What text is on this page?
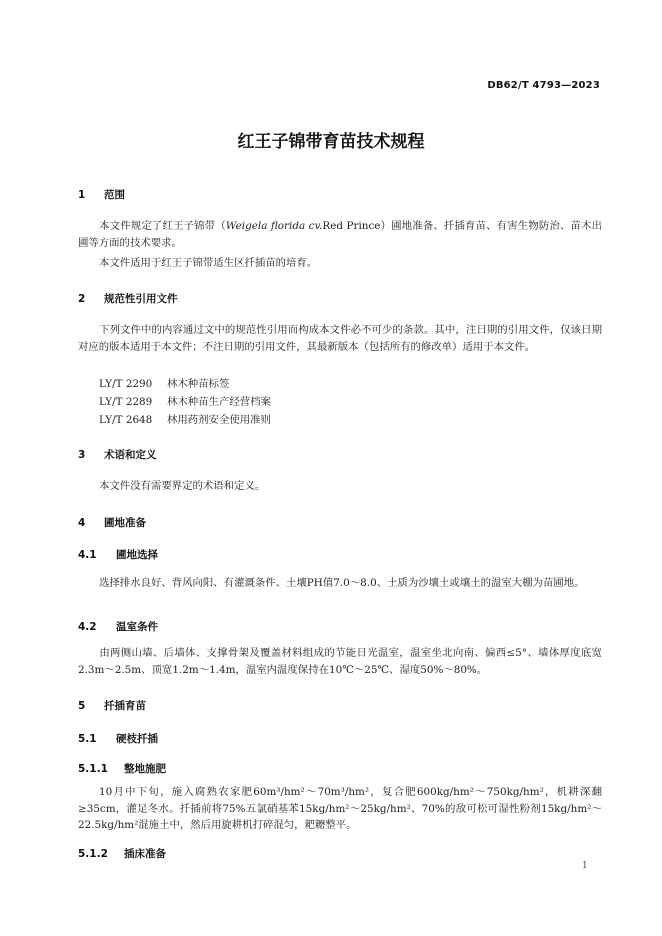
DB62/T 4793—2023
红王子锦带育苗技术规程
1 范围
本文件规定了红王子锦带（Weigela florida cv.Red Prince）圃地准备、扦插育苗、有害生物防治、苗木出圃等方面的技术要求。
本文件适用于红王子锦带适生区扦插苗的培育。
2 规范性引用文件
下列文件中的内容通过文中的规范性引用而构成本文件必不可少的条款。其中，注日期的引用文件，仅该日期对应的版本适用于本文件；不注日期的引用文件，其最新版本（包括所有的修改单）适用于本文件。
LY/T 2290 林木种苗标签
LY/T 2289 林木种苗生产经营档案
LY/T 2648 林用药剂安全使用准则
3 术语和定义
本文件没有需要界定的术语和定义。
4 圃地准备
4.1 圃地选择
选择排水良好、背风向阳、有灌溉条件、土壤PH值7.0～8.0、土质为沙壤土或壤土的温室大棚为苗圃地。
4.2 温室条件
由两侧山墙、后墙体、支撑骨架及覆盖材料组成的节能日光温室，温室坐北向南、偏西≤5°、墙体厚度底宽2.3m～2.5m、顶宽1.2m～1.4m，温室内温度保持在10℃～25℃、湿度50%～80%。
5 扦插育苗
5.1 硬枝扦插
5.1.1 整地施肥
10月中下旬，施入腐熟农家肥60m³/hm²～70m³/hm²，复合肥600kg/hm²～750kg/hm²，机耕深翻≥35cm，灌足冬水。扦插前将75%五氯硝基苯15kg/hm²～25kg/hm²、70%的敌可松可湿性粉剂15kg/hm²～22.5kg/hm²混施土中，然后用旋耕机打碎混匀，耙耱整平。
5.1.2 插床准备
1
